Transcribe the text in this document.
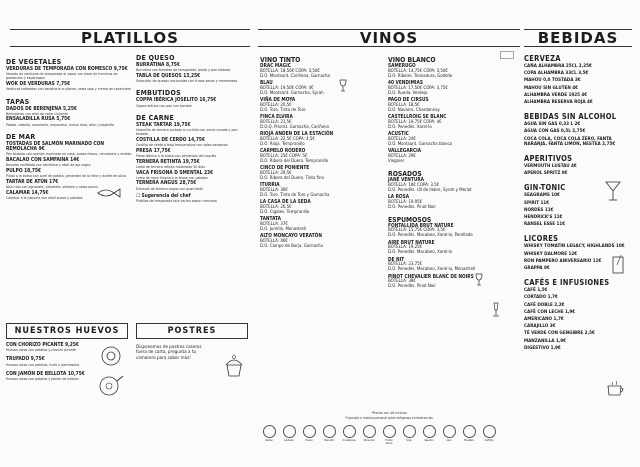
PLATILLOS	VINOS	BEBIDAS
DE VEGETALES
VERDURAS DE TEMPORADA CON ROMESCO 9,75€
Variado de verduras de temporada al vapor con base de hummus de garbanzos y espárragos
WOK DE VERDURAS 7,75€
Verduras salteadas con zanahoria crujiente, salsa soja y crema de cacahuete
TAPAS
DADOS DE BERENJENA 5,25€
Berenjenas con miel de caña crujiente
ENSALADILLA RUSA 5,75€
Patata, cebolla, zanahoria, mayonesa, huevo duro, atún y pepinillo
DE MAR
TOSTADAS DE SALMÓN MARINADO CON REMOLACHA 9€
Pan tostado con salmón marinado en casa, queso fresco, remolacha y eneldo
BACALAO CON SAMFAINA 14€
Bacalao confitado con samfaina y alioli de ajo negro
PULPO 18,75€
Pulpo a la brasa con puré de patata, pimentón de la Vera y aceite de oliva
TARTAR DE ATÚN 17€
Atún rojo con aguacate, cebolleta, sésamo y salsa ponzu
CALAMAR 14,75€
Calamar a la plancha con alioli suave y patatas
DE QUESO
BURRATINA 8,75€
Burratina con tomates de temporada, pesto y pan tostado
TABLA DE QUESOS 13,25€
Selección de quesos nacionales con frutos secos y mermelada
EMBUTIDOS
COPPA IBÉRICA JOSELITO 16,75€
Coppa ibérica con pan con tomate
DE CARNE
STEAK TARTAR 19,75€
Solomillo de ternera cortado a cuchillo con yema curada y pan tostado
COSTILLA DE CERDO 14,75€
Costilla de cerdo a baja temperatura con salsa barbacoa
PRESA 17,75€
Presa ibérica a la brasa con pimientos del piquillo
TERNERA RETINTA 19,75€
Lomo de ternera retinta madurado 30 días
VACA FRISONA D SMENTAL 23€
Lomo de vaca frisona a la brasa con patatas
TERNERA ANGUS 28,75€
Entrecot de ternera angus con guarnición
☐ Sugerencia del chef
Platillos de temporada que varían según mercado
NUESTROS HUEVOS
CON CHORIZO PICANTE 9,25€
Huevos rotos con patatas y chorizo picante
TRUFADO 9,75€
Huevos rotos con patatas, trufa y parmesano
CON JAMÓN DE BELLOTA 10,75€
Huevos rotos con patatas y jamón de bellota
POSTRES
Disponemos de postres caseros fuera de carta, pregunta a tu camarero para saber más!
VINO TINTO
DRAC MAGIC
BOTELLA: 18,50€ COPA: 3,50€
D.O. Montsant. Cariñena, Garnacha
BLAU
BOTELLA: 19,50€ COPA: 4€
D.O. Montsant. Garnacha, Syrah
VIÑA DE MOYA
BOTELLA: 20,5€
D.O. Toro. Tinta de Toro
FINCA ELVIRA
BOTELLA: 21,5€
D.O.Q. Priorat. Garnacha, Cariñena
RIOJA ANDEN DE LA ESTACIÓN
BOTELLA: 22,5€ COPA: 4,5€
D.O. Rioja. Tempranillo
CARMELO RODERO
BOTELLA: 25€ COPA: 5€
D.O. Ribera del Duero. Tempranillo
CINCO DE PONIENTE
BOTELLA: 29,5€
D.O. Ribera del Duero. Tinto fino
ITURRIA
BOTELLA: 36€
D.O. Toro. Tinta de Toro y Garnacha
LA CASA DE LA SEDA
BOTELLA: 26,5€
D.O. Cigales. Tempranillo
TANTATA
BOTELLA: 37€
D.O. Jumilla. Monastrell
ALTO MONCAYO VERATÓN
BOTELLA: 46€
D.O. Campo de Borja. Garnacha
VINO BLANCO
SAMERUGO
BOTELLA: 14,75€ COPA: 3,50€
D.O. Ribeiro. Treixadura, Godello
40 VENDIMIAS
BOTELLA: 17,50€ COPA: 3,75€
D.O. Rueda. Verdejo
PAGO DE CIRSUS
BOTELLA: 18,5€
D.O. Navarra. Chardonnay
CASTELLROIG SE BLANC
BOTELLA: 19,75€ COPA: 4€
D.O. Penedès. Xarel·lo
ACUSTIC
BOTELLA: 24€
D.O. Montsant. Garnacha blanca
VALLEGARCIA
BOTELLA: 29€
Viognier
ROSADOS
JANÉ VENTURA
BOTELLA: 18€ COPA: 3,5€
D.O. Penedès. Ull de llebre, Syrah y Merlot
LA ROSA
BOTELLA: 19,95€
D.O. Penedès. Pinot Noir
ESPUMOSOS
FONTALLIDA BRUT NATURE
BOTELLA: 15,75€ COPA: 3,5€
D.O. Penedès. Macabeo, Xarel·lo, Parellada
AIRE BRUT NATURE
BOTELLA: 19,25€
D.O. Penedès. Macabeo, Xarel·lo
DE NIT
BOTELLA: 23,75€
D.O. Penedès. Macabeo, Xarel·lo, Monastrell
PINOT CHEVALIER BLANC DE NOIRS
BOTELLA: 38€
D.O. Penedès. Pinot Noir
*Precios con IVA incluido
*Consulta a nuestro personal sobre alérgenos e intolerancias
Gluten	Lácteos	Huevo	Pescado	Crustáceos	Moluscos	Frutos secos
Soja	Sésamo	Apio	Mostaza	Sulfitos
CERVEZA
CAÑA ALHAMBRA 25CL 2,25€
COPA ALHAMBRA 33CL 3,5€
MAHOU 0,0 TOSTADA 3€
MAHOU SIN GLUTEN 4€
ALHAMBRA VERDE 1925 4€
ALHAMBRA RESERVA ROJA 4€
BEBIDAS SIN ALCOHOL
AGUA SIN GAS 0,33 L 2€
AGUA CON GAS 0,5L 2,75€
COCA COLA, COCA COLA ZERO, FANTA NARANJA, FANTA LIMÓN, NESTEA 2,75€
APERITIVOS
VERMOUTH LUSTAU 4€
APEROL SPRITZ 8€
GIN-TONIC
SEAGRAMS 10€
SPIRIT 11€
NORDES 11€
HENDRICK'S 11€
RANSEL ESSE 11€
LICORES
WHISKY TOMATIN LEGACY, HIGHLANDS 10€
WHISKY DALMORE 12€
RON PAMPERO ANIVERSARIO 11€
GRAPPA 8€
CAFÉS E INFUSIONES
CAFÉ 1,5€
CORTADO 1,7€
CAFÉ DOBLE 2,2€
CAFÉ CON LECHE 1,9€
AMERICANO 1,7€
CARAJILLO 3€
TÉ VERDE CON GENGIBRE 2,5€
MANZANILLA 1,9€
DIGESTIVO 1,9€
